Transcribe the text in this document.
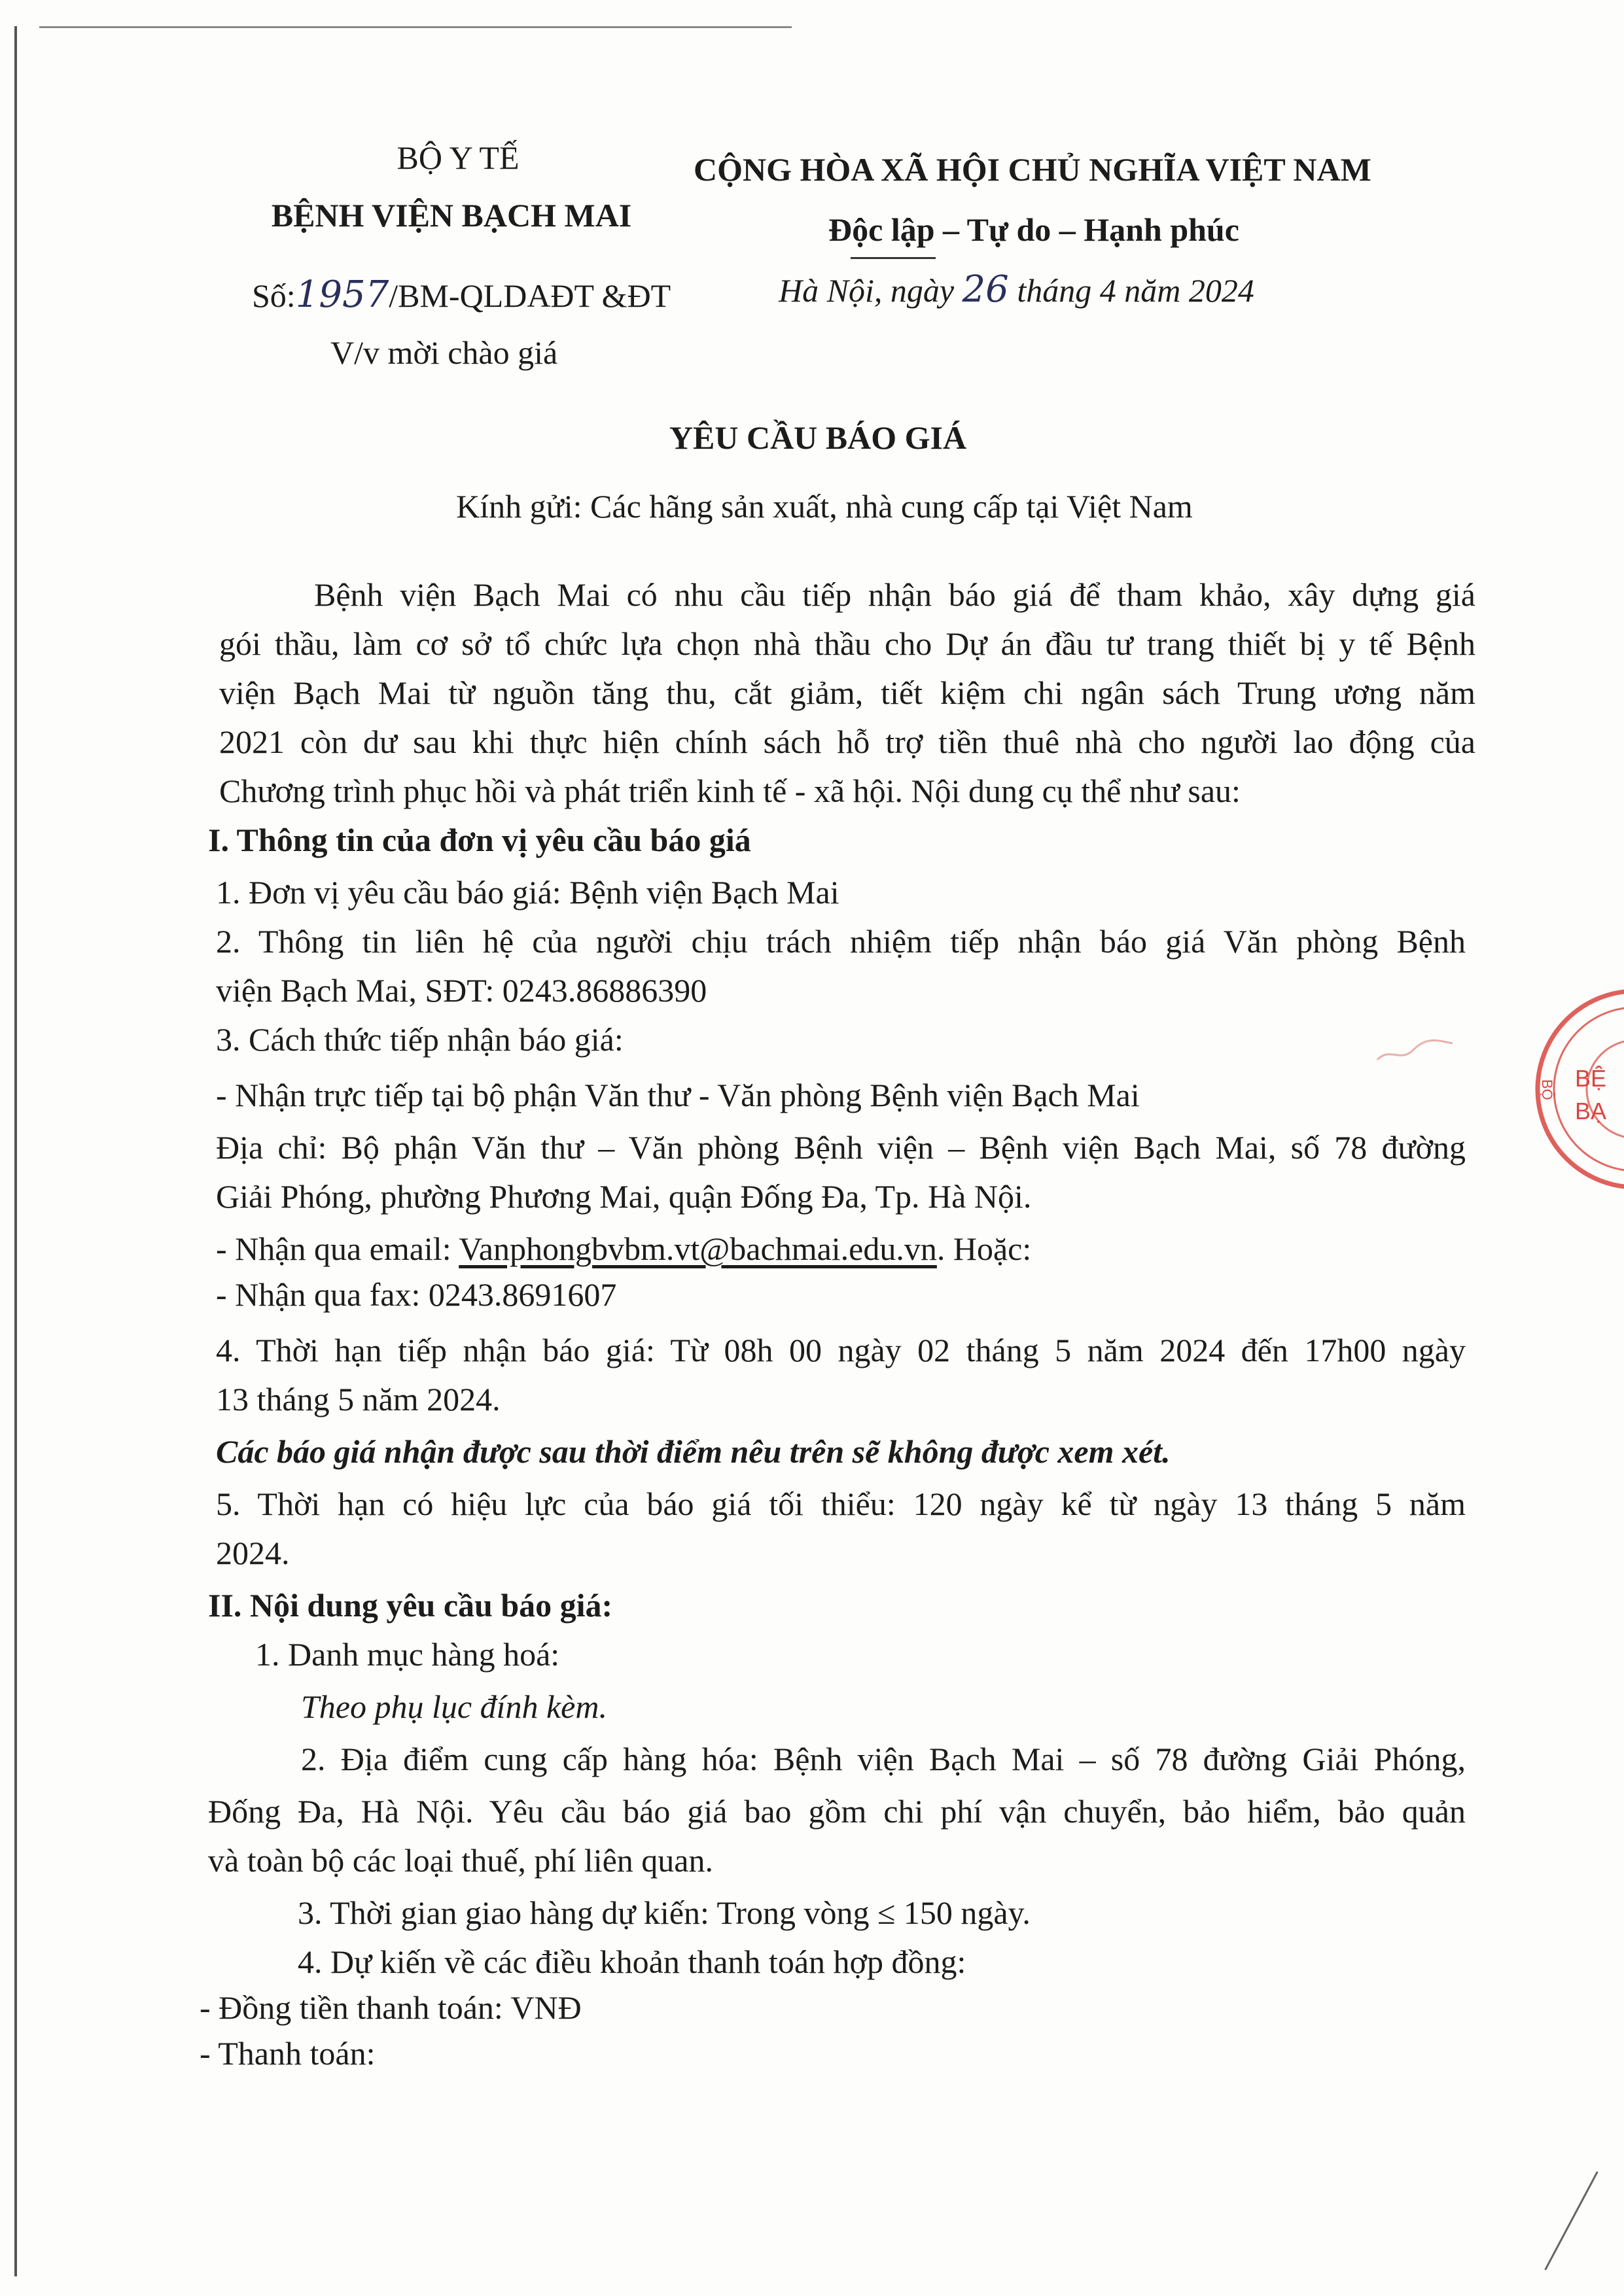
BỘ Y TẾ
BỆNH VIỆN BẠCH MAI
Số:1957/BM-QLDAĐT &ĐT
V/v mời chào giá
CỘNG HÒA XÃ HỘI CHỦ NGHĨA VIỆT NAM
Độc lập – Tự do – Hạnh phúc
Hà Nội, ngày 26 tháng 4 năm 2024
YÊU CẦU BÁO GIÁ
Kính gửi: Các hãng sản xuất, nhà cung cấp tại Việt Nam
Bệnh viện Bạch Mai có nhu cầu tiếp nhận báo giá để tham khảo, xây dựng giá
gói thầu, làm cơ sở tổ chức lựa chọn nhà thầu cho Dự án đầu tư trang thiết bị y tế Bệnh
viện Bạch Mai từ nguồn tăng thu, cắt giảm, tiết kiệm chi ngân sách Trung ương năm
2021 còn dư sau khi thực hiện chính sách hỗ trợ tiền thuê nhà cho người lao động của
Chương trình phục hồi và phát triển kinh tế - xã hội. Nội dung cụ thể như sau:
I. Thông tin của đơn vị yêu cầu báo giá
1. Đơn vị yêu cầu báo giá: Bệnh viện Bạch Mai
2. Thông tin liên hệ của người chịu trách nhiệm tiếp nhận báo giá Văn phòng Bệnh
viện Bạch Mai, SĐT: 0243.86886390
3. Cách thức tiếp nhận báo giá:
- Nhận trực tiếp tại bộ phận Văn thư - Văn phòng Bệnh viện Bạch Mai
Địa chỉ: Bộ phận Văn thư – Văn phòng Bệnh viện – Bệnh viện Bạch Mai, số 78 đường
Giải Phóng, phường Phương Mai, quận Đống Đa, Tp. Hà Nội.
- Nhận qua email: Vanphongbvbm.vt@bachmai.edu.vn. Hoặc:
- Nhận qua fax: 0243.8691607
4. Thời hạn tiếp nhận báo giá: Từ 08h 00 ngày 02 tháng 5 năm 2024 đến 17h00 ngày
13 tháng 5 năm 2024.
Các báo giá nhận được sau thời điểm nêu trên sẽ không được xem xét.
5. Thời hạn có hiệu lực của báo giá tối thiểu: 120 ngày kể từ ngày 13 tháng 5 năm
2024.
II. Nội dung yêu cầu báo giá:
1. Danh mục hàng hoá:
Theo phụ lục đính kèm.
2. Địa điểm cung cấp hàng hóa: Bệnh viện Bạch Mai – số 78 đường Giải Phóng,
Đống Đa, Hà Nội. Yêu cầu báo giá bao gồm chi phí vận chuyển, bảo hiểm, bảo quản
và toàn bộ các loại thuế, phí liên quan.
3. Thời gian giao hàng dự kiến: Trong vòng ≤ 150 ngày.
4. Dự kiến về các điều khoản thanh toán hợp đồng:
- Đồng tiền thanh toán: VNĐ
- Thanh toán:
BỆ
BẠ
BỘ
